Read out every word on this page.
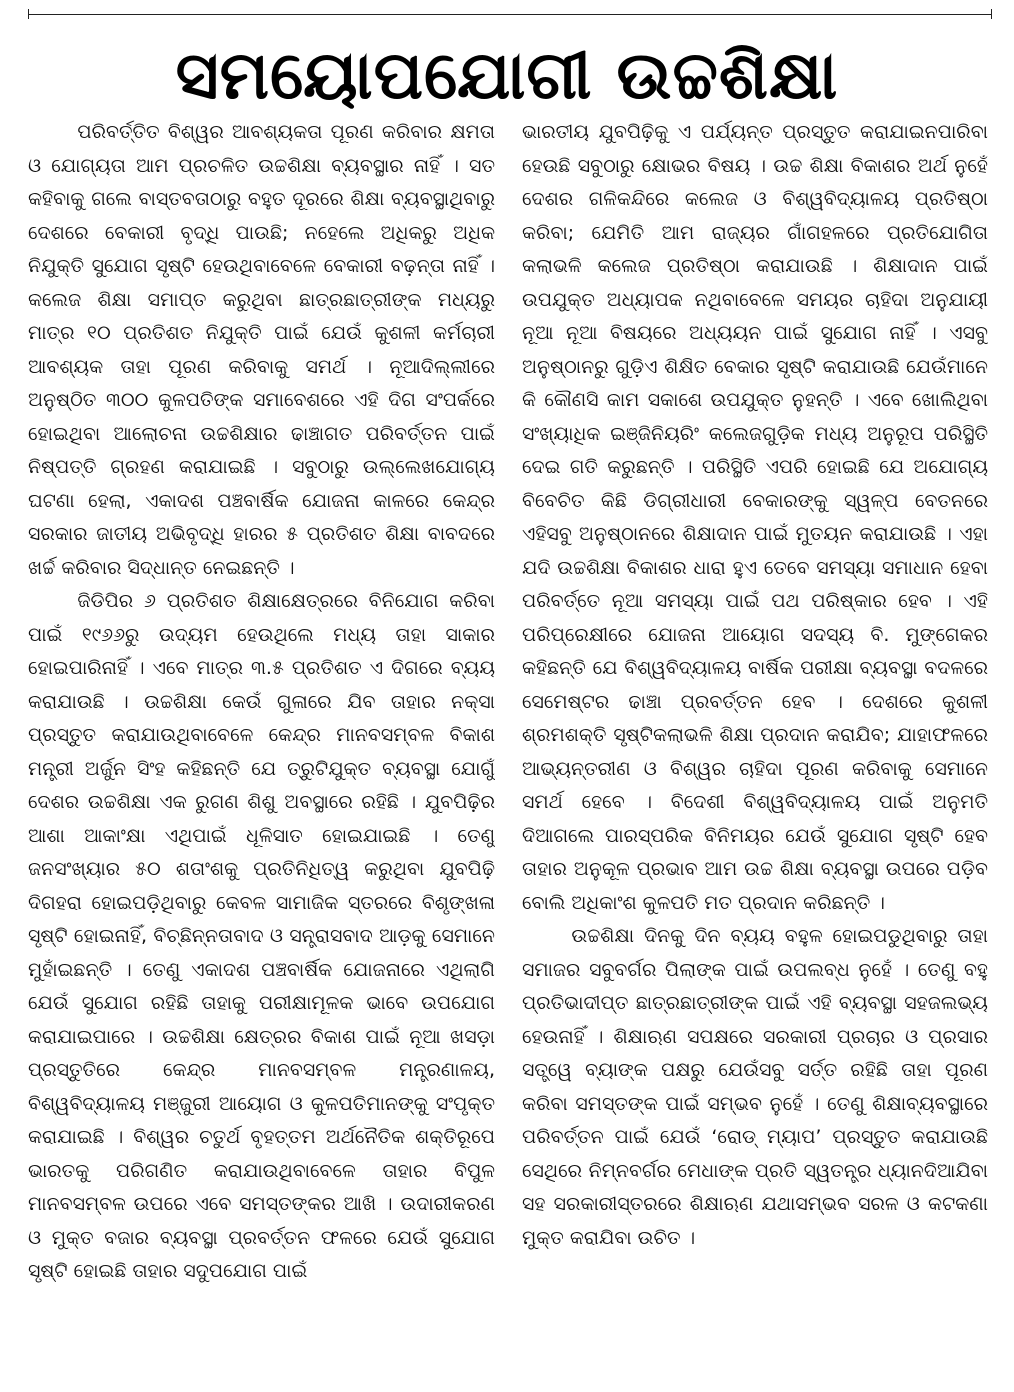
ସମୟୋପଯୋଗୀ ଉଚ୍ଚଶିକ୍ଷା

ପରିବର୍ତ୍ତିତ ବିଶ୍ୱର ଆବଶ୍ୟକତା ପୂରଣ କରିବାର କ୍ଷମତା ଓ ଯୋଗ୍ୟତା ଆମ ପ୍ରଚଳିତ ଉଚ୍ଚଶିକ୍ଷା ବ୍ୟବସ୍ଥାର ନାହିଁ । ସତ କହିବାକୁ ଗଲେ ବାସ୍ତବତାଠାରୁ ବହୁତ ଦୂରରେ ଶିକ୍ଷା ବ୍ୟବସ୍ଥାଥିବାରୁ ଦେଶରେ ବେକାରୀ ବୃଦ୍ଧି ପାଉଛି; ନହେଲେ ଅଧିକରୁ ଅଧିକ ନିଯୁକ୍ତି ସୁଯୋଗ ସୃଷ୍ଟି ହେଉଥିବାବେଳେ ବେକାରୀ ବଢ଼ନ୍ତା ନାହିଁ । କଲେଜ ଶିକ୍ଷା ସମାପ୍ତ କରୁଥିବା ଛାତ୍ରଛାତ୍ରୀଙ୍କ ମଧ୍ୟରୁ ମାତ୍ର ୧୦ ପ୍ରତିଶତ ନିଯୁକ୍ତି ପାଇଁ ଯେଉଁ କୁଶଳୀ କର୍ମଚାରୀ ଆବଶ୍ୟକ ତାହା ପୂରଣ କରିବାକୁ ସମର୍ଥ । ନୂଆଦିଲ୍ଲୀରେ ଅନୁଷ୍ଠିତ ୩୦୦ କୁଳପତିଙ୍କ ସମାବେଶରେ ଏହି ଦିଗ ସଂପର୍କରେ ହୋଇଥିବା ଆଲୋଚନା ଉଚ୍ଚଶିକ୍ଷାର ଢାଞ୍ଚାଗତ ପରିବର୍ତ୍ତନ ପାଇଁ ନିଷ୍ପତ୍ତି ଗ୍ରହଣ କରାଯାଇଛି । ସବୁଠାରୁ ଉଲ୍ଲେଖଯୋଗ୍ୟ ଘଟଣା ହେଲା, ଏକାଦଶ ପଞ୍ଚବାର୍ଷିକ ଯୋଜନା କାଳରେ କେନ୍ଦ୍ର ସରକାର ଜାତୀୟ ଅଭିବୃଦ୍ଧି ହାରର ୫ ପ୍ରତିଶତ ଶିକ୍ଷା ବାବଦରେ ଖର୍ଚ୍ଚ କରିବାର ସିଦ୍ଧାନ୍ତ ନେଇଛନ୍ତି ।

ଜିଡିପିର ୬ ପ୍ରତିଶତ ଶିକ୍ଷାକ୍ଷେତ୍ରରେ ବିନିଯୋଗ କରିବା ପାଇଁ ୧୯୬୬ରୁ ଉଦ୍ୟମ ହେଉଥିଲେ ମଧ୍ୟ ତାହା ସାକାର ହୋଇପାରିନାହିଁ । ଏବେ ମାତ୍ର ୩.୫ ପ୍ରତିଶତ ଏ ଦିଗରେ ବ୍ୟୟ କରାଯାଉଛି । ଉଚ୍ଚଶିକ୍ଷା କେଉଁ ଗୁଳାରେ ଯିବ ତାହାର ନକ୍ସା ପ୍ରସ୍ତୁତ କରାଯାଉଥିବାବେଳେ କେନ୍ଦ୍ର ମାନବସମ୍ବଳ ବିକାଶ ମନ୍ତ୍ରୀ ଅର୍ଜୁନ ସିଂହ କହିଛନ୍ତି ଯେ ତ୍ରୁଟିଯୁକ୍ତ ବ୍ୟବସ୍ଥା ଯୋଗୁଁ ଦେଶର ଉଚ୍ଚଶିକ୍ଷା ଏକ ରୁଗଣ ଶିଶୁ ଅବସ୍ଥାରେ ରହିଛି । ଯୁବପିଢ଼ିର ଆଶା ଆକାଂକ୍ଷା ଏଥିପାଇଁ ଧୂଳିସାତ ହୋଇଯାଇଛି । ତେଣୁ ଜନସଂଖ୍ୟାର ୫୦ ଶତାଂଶକୁ ପ୍ରତିନିଧିତ୍ୱ କରୁଥିବା ଯୁବପିଢ଼ି ଦିଗହରା ହୋଇପଡ଼ିଥିବାରୁ କେବଳ ସାମାଜିକ ସ୍ତରରେ ବିଶୃଙ୍ଖଳା ସୃଷ୍ଟି ହୋଇନାହିଁ, ବିଚ୍ଛିନ୍ନତାବାଦ ଓ ସନ୍ତ୍ରାସବାଦ ଆଡ଼କୁ ସେମାନେ ମୁହାଁଇଛନ୍ତି । ତେଣୁ ଏକାଦଶ ପଞ୍ଚବାର୍ଷିକ ଯୋଜନାରେ ଏଥିଲାଗି ଯେଉଁ ସୁଯୋଗ ରହିଛି ତାହାକୁ ପରୀକ୍ଷାମୂଳକ ଭାବେ ଉପଯୋଗ କରାଯାଇପାରେ । ଉଚ୍ଚଶିକ୍ଷା କ୍ଷେତ୍ରର ବିକାଶ ପାଇଁ ନୂଆ ଖସଡ଼ା ପ୍ରସ୍ତୁତିରେ କେନ୍ଦ୍ର ମାନବସମ୍ବଳ ମନ୍ତ୍ରଣାଳୟ, ବିଶ୍ୱବିଦ୍ୟାଳୟ ମଞ୍ଜୁରୀ ଆୟୋଗ ଓ କୁଳପତିମାନଙ୍କୁ ସଂପୃକ୍ତ କରାଯାଇଛି । ବିଶ୍ୱର ଚତୁର୍ଥ ବୃହତ୍ତମ ଅର୍ଥନୈତିକ ଶକ୍ତିରୂପେ ଭାରତକୁ ପରିଗଣିତ କରାଯାଉଥିବାବେଳେ ତାହାର ବିପୁଳ ମାନବସମ୍ବଳ ଉପରେ ଏବେ ସମସ୍ତଙ୍କର ଆଖି । ଉଦାରୀକରଣ ଓ ମୁକ୍ତ ବଜାର ବ୍ୟବସ୍ଥା ପ୍ରବର୍ତ୍ତନ ଫଳରେ ଯେଉଁ ସୁଯୋଗ ସୃଷ୍ଟି ହୋଇଛି ତାହାର ସଦୁପଯୋଗ ପାଇଁ

ଭାରତୀୟ ଯୁବପିଢ଼ିକୁ ଏ ପର୍ଯ୍ୟନ୍ତ ପ୍ରସ୍ତୁତ କରାଯାଇନପାରିବା ହେଉଛି ସବୁଠାରୁ କ୍ଷୋଭର ବିଷୟ । ଉଚ୍ଚ ଶିକ୍ଷା ବିକାଶର ଅର୍ଥ ନୁହେଁ ଦେଶର ଗଳିକନ୍ଦିରେ କଲେଜ ଓ ବିଶ୍ୱବିଦ୍ୟାଳୟ ପ୍ରତିଷ୍ଠା କରିବା; ଯେମିତି ଆମ ରାଜ୍ୟର ଗାଁଗହଳରେ ପ୍ରତିଯୋଗିତା କଲାଭଳି କଲେଜ ପ୍ରତିଷ୍ଠା କରାଯାଉଛି । ଶିକ୍ଷାଦାନ ପାଇଁ ଉପଯୁକ୍ତ ଅଧ୍ୟାପକ ନଥିବାବେଳେ ସମୟର ଚାହିଦା ଅନୁଯାୟୀ ନୂଆ ନୂଆ ବିଷୟରେ ଅଧ୍ୟୟନ ପାଇଁ ସୁଯୋଗ ନାହିଁ । ଏସବୁ ଅନୁଷ୍ଠାନରୁ ଗୁଡ଼ିଏ ଶିକ୍ଷିତ ବେକାର ସୃଷ୍ଟି କରାଯାଉଛି ଯେଉଁମାନେ କି କୌଣସି କାମ ସକାଶେ ଉପଯୁକ୍ତ ନୁହନ୍ତି । ଏବେ ଖୋଲିଥିବା ସଂଖ୍ୟାଧିକ ଇଞ୍ଜିନିୟରିଂ କଲେଜଗୁଡ଼ିକ ମଧ୍ୟ ଅନୁରୂପ ପରିସ୍ଥିତି ଦେଇ ଗତି କରୁଛନ୍ତି । ପରିସ୍ଥିତି ଏପରି ହୋଇଛି ଯେ ଅଯୋଗ୍ୟ ବିବେଚିତ କିଛି ଡିଗ୍ରୀଧାରୀ ବେକାରଙ୍କୁ ସ୍ୱଳ୍ପ ବେତନରେ ଏହିସବୁ ଅନୁଷ୍ଠାନରେ ଶିକ୍ଷାଦାନ ପାଇଁ ମୁତୟନ କରାଯାଉଛି । ଏହା ଯଦି ଉଚ୍ଚଶିକ୍ଷା ବିକାଶର ଧାରା ହୁଏ ତେବେ ସମସ୍ୟା ସମାଧାନ ହେବା ପରିବର୍ତ୍ତେ ନୂଆ ସମସ୍ୟା ପାଇଁ ପଥ ପରିଷ୍କାର ହେବ । ଏହି ପରିପ୍ରେକ୍ଷୀରେ ଯୋଜନା ଆୟୋଗ ସଦସ୍ୟ ବି. ମୁଙ୍ଗେକର କହିଛନ୍ତି ଯେ ବିଶ୍ୱବିଦ୍ୟାଳୟ ବାର୍ଷିକ ପରୀକ୍ଷା ବ୍ୟବସ୍ଥା ବଦଳରେ ସେମେଷ୍ଟର ଢାଞ୍ଚା ପ୍ରବର୍ତ୍ତନ ହେବ । ଦେଶରେ କୁଶଳୀ ଶ୍ରମଶକ୍ତି ସୃଷ୍ଟିକଲାଭଳି ଶିକ୍ଷା ପ୍ରଦାନ କରାଯିବ; ଯାହାଫଳରେ ଆଭ୍ୟନ୍ତରୀଣ ଓ ବିଶ୍ୱର ଚାହିଦା ପୂରଣ କରିବାକୁ ସେମାନେ ସମର୍ଥ ହେବେ । ବିଦେଶୀ ବିଶ୍ୱବିଦ୍ୟାଳୟ ପାଇଁ ଅନୁମତି ଦିଆଗଲେ ପାରସ୍ପରିକ ବିନିମୟର ଯେଉଁ ସୁଯୋଗ ସୃଷ୍ଟି ହେବ ତାହାର ଅନୁକୂଳ ପ୍ରଭାବ ଆମ ଉଚ୍ଚ ଶିକ୍ଷା ବ୍ୟବସ୍ଥା ଉପରେ ପଡ଼ିବ ବୋଲି ଅଧିକାଂଶ କୁଳପତି ମତ ପ୍ରଦାନ କରିଛନ୍ତି ।

ଉଚ୍ଚଶିକ୍ଷା ଦିନକୁ ଦିନ ବ୍ୟୟ ବହୁଳ ହୋଇପଡୁଥିବାରୁ ତାହା ସମାଜର ସବୁବର୍ଗର ପିଲାଙ୍କ ପାଇଁ ଉପଲବ୍ଧ ନୁହେଁ । ତେଣୁ ବହୁ ପ୍ରତିଭାଦୀପ୍ତ ଛାତ୍ରଛାତ୍ରୀଙ୍କ ପାଇଁ ଏହି ବ୍ୟବସ୍ଥା ସହଜଲଭ୍ୟ ହେଉନାହିଁ । ଶିକ୍ଷାଋଣ ସପକ୍ଷରେ ସରକାରୀ ପ୍ରଚାର ଓ ପ୍ରସାର ସତ୍ତ୍ୱେ ବ୍ୟାଙ୍କ ପକ୍ଷରୁ ଯେଉଁସବୁ ସର୍ତ୍ତ ରହିଛି ତାହା ପୂରଣ କରିବା ସମସ୍ତଙ୍କ ପାଇଁ ସମ୍ଭବ ନୁହେଁ । ତେଣୁ ଶିକ୍ଷାବ୍ୟବସ୍ଥାରେ ପରିବର୍ତ୍ତନ ପାଇଁ ଯେଉଁ ‘ରୋଡ୍ ମ୍ୟାପ’ ପ୍ରସ୍ତୁତ କରାଯାଉଛି ସେଥିରେ ନିମ୍ନବର୍ଗର ମେଧାଙ୍କ ପ୍ରତି ସ୍ୱତନ୍ତ୍ର ଧ୍ୟାନଦିଆଯିବା ସହ ସରକାରୀସ୍ତରରେ ଶିକ୍ଷାଋଣ ଯଥାସମ୍ଭବ ସରଳ ଓ କଟକଣା ମୁକ୍ତ କରାଯିବା ଉଚିତ ।
